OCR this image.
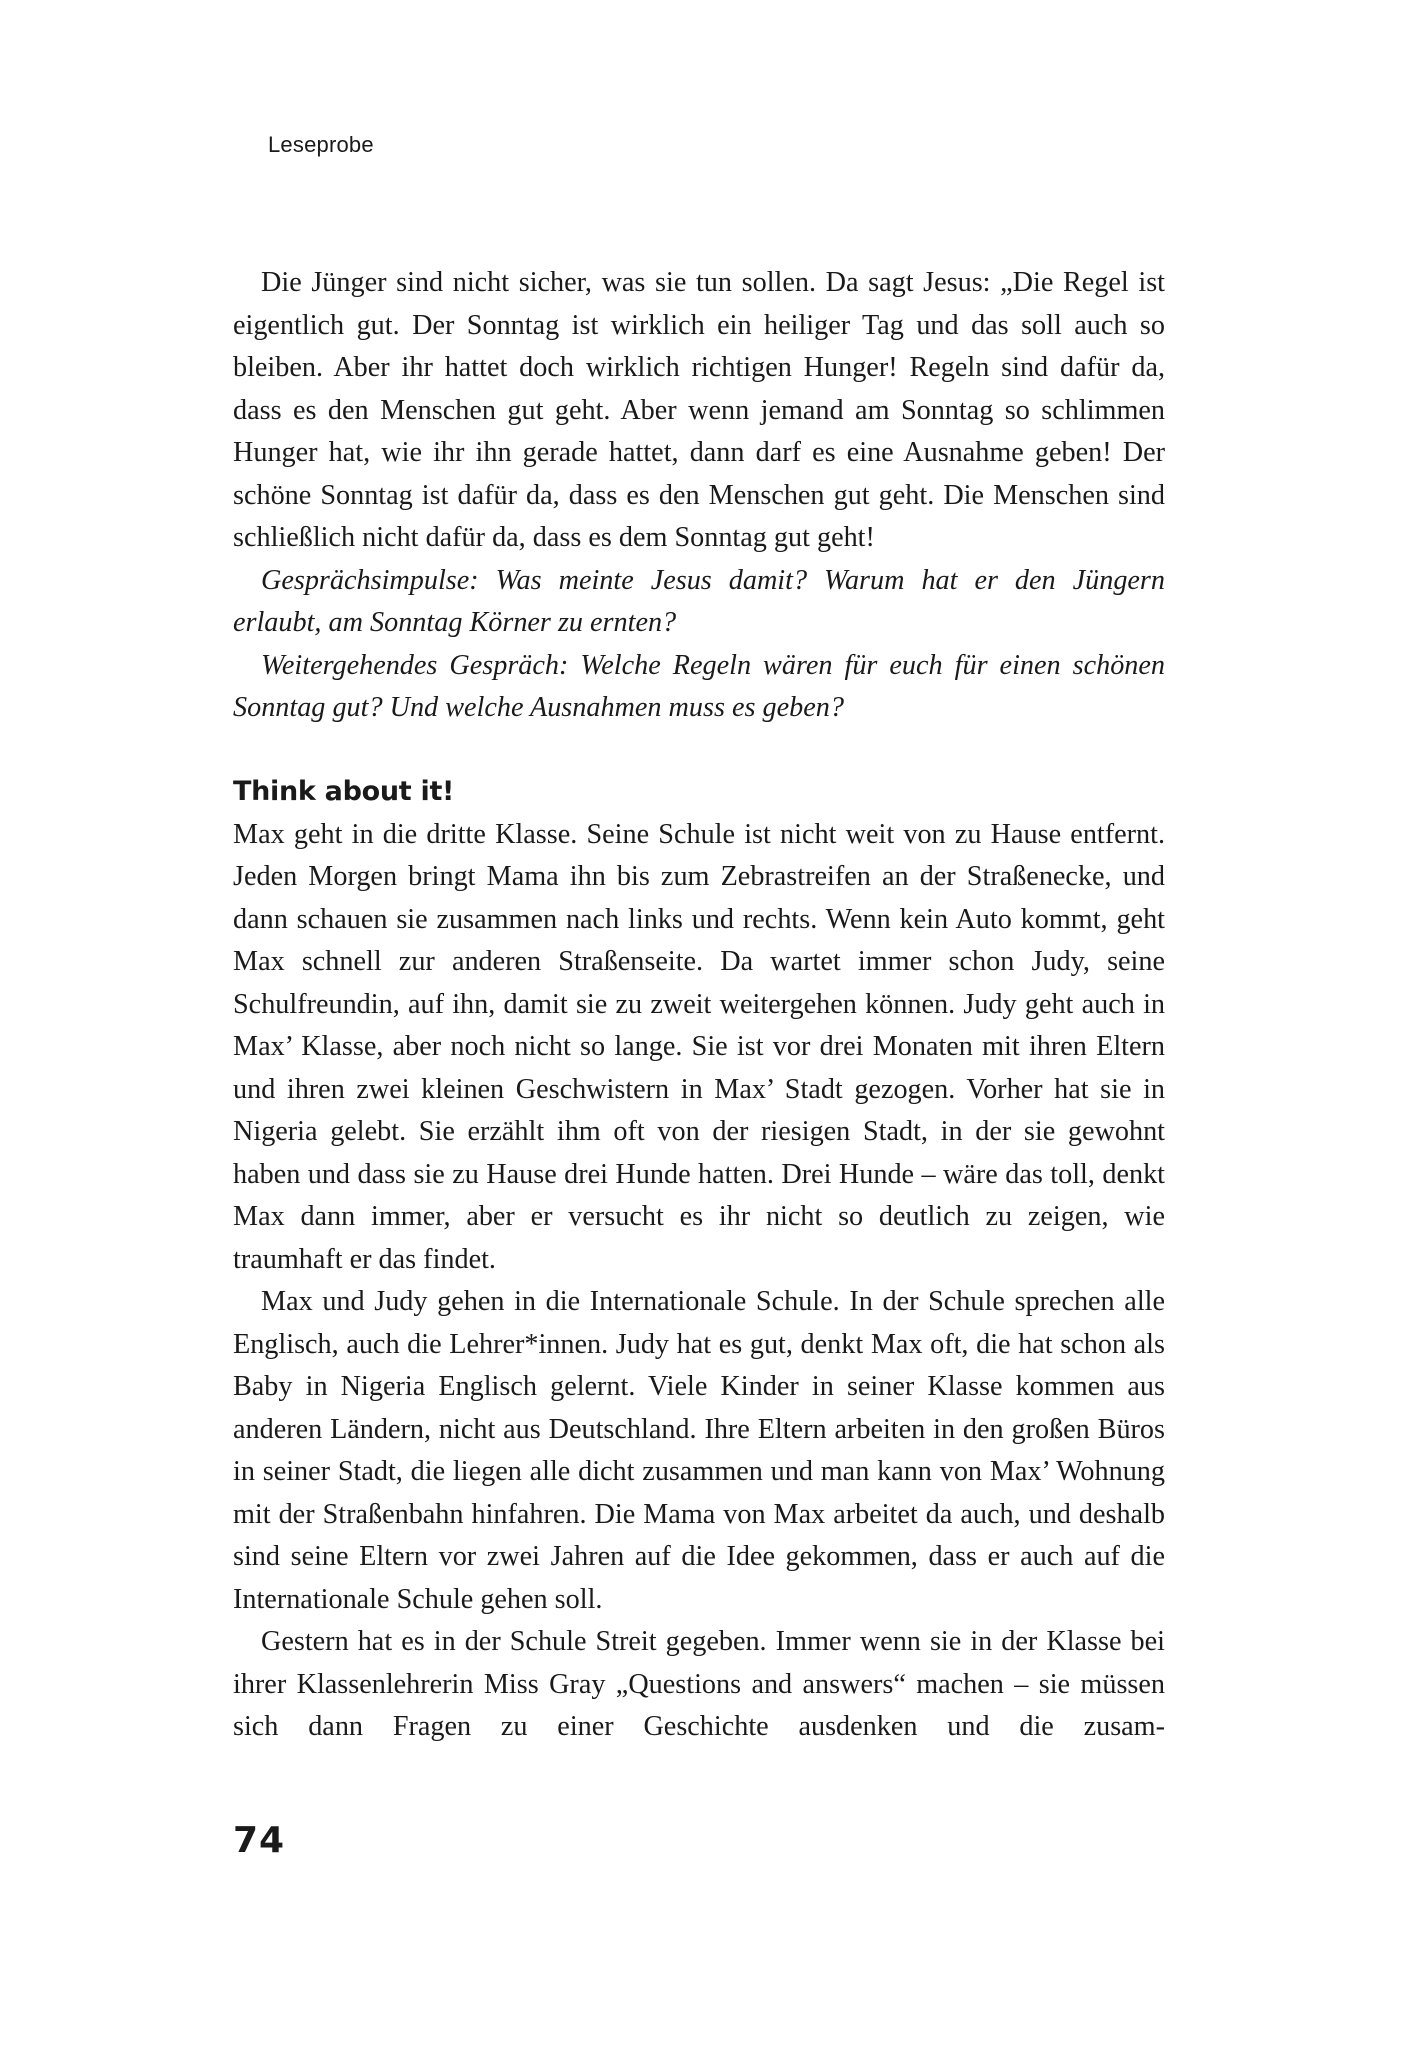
Leseprobe

Die Jünger sind nicht sicher, was sie tun sollen. Da sagt Jesus: „Die Regel ist eigentlich gut. Der Sonntag ist wirklich ein heiliger Tag und das soll auch so bleiben. Aber ihr hattet doch wirklich richtigen Hunger! Regeln sind dafür da, dass es den Menschen gut geht. Aber wenn jemand am Sonntag so schlimmen Hunger hat, wie ihr ihn gerade hattet, dann darf es eine Ausnahme geben! Der schöne Sonntag ist dafür da, dass es den Menschen gut geht. Die Menschen sind schließlich nicht dafür da, dass es dem Sonntag gut geht!

Gesprächsimpulse: Was meinte Jesus damit? Warum hat er den Jüngern erlaubt, am Sonntag Körner zu ernten?

Weitergehendes Gespräch: Welche Regeln wären für euch für einen schönen Sonntag gut? Und welche Ausnahmen muss es geben?

Think about it!

Max geht in die dritte Klasse. Seine Schule ist nicht weit von zu Hause entfernt. Jeden Morgen bringt Mama ihn bis zum Zebrastreifen an der Straßenecke, und dann schauen sie zusammen nach links und rechts. Wenn kein Auto kommt, geht Max schnell zur anderen Straßenseite. Da wartet immer schon Judy, seine Schulfreundin, auf ihn, damit sie zu zweit weitergehen können. Judy geht auch in Max’ Klasse, aber noch nicht so lange. Sie ist vor drei Monaten mit ihren Eltern und ihren zwei kleinen Geschwistern in Max’ Stadt gezogen. Vorher hat sie in Nigeria gelebt. Sie erzählt ihm oft von der riesigen Stadt, in der sie gewohnt haben und dass sie zu Hause drei Hunde hatten. Drei Hunde – wäre das toll, denkt Max dann immer, aber er versucht es ihr nicht so deutlich zu zeigen, wie traumhaft er das findet.

Max und Judy gehen in die Internationale Schule. In der Schule sprechen alle Englisch, auch die Lehrer*innen. Judy hat es gut, denkt Max oft, die hat schon als Baby in Nigeria Englisch gelernt. Viele Kinder in seiner Klasse kommen aus anderen Ländern, nicht aus Deutschland. Ihre Eltern arbeiten in den großen Büros in seiner Stadt, die liegen alle dicht zusammen und man kann von Max’ Wohnung mit der Straßenbahn hinfahren. Die Mama von Max arbeitet da auch, und deshalb sind seine Eltern vor zwei Jahren auf die Idee gekommen, dass er auch auf die Internationale Schule gehen soll.

Gestern hat es in der Schule Streit gegeben. Immer wenn sie in der Klasse bei ihrer Klassenlehrerin Miss Gray „Questions and answers“ machen – sie müssen sich dann Fragen zu einer Geschichte ausdenken und die zusam-

74
